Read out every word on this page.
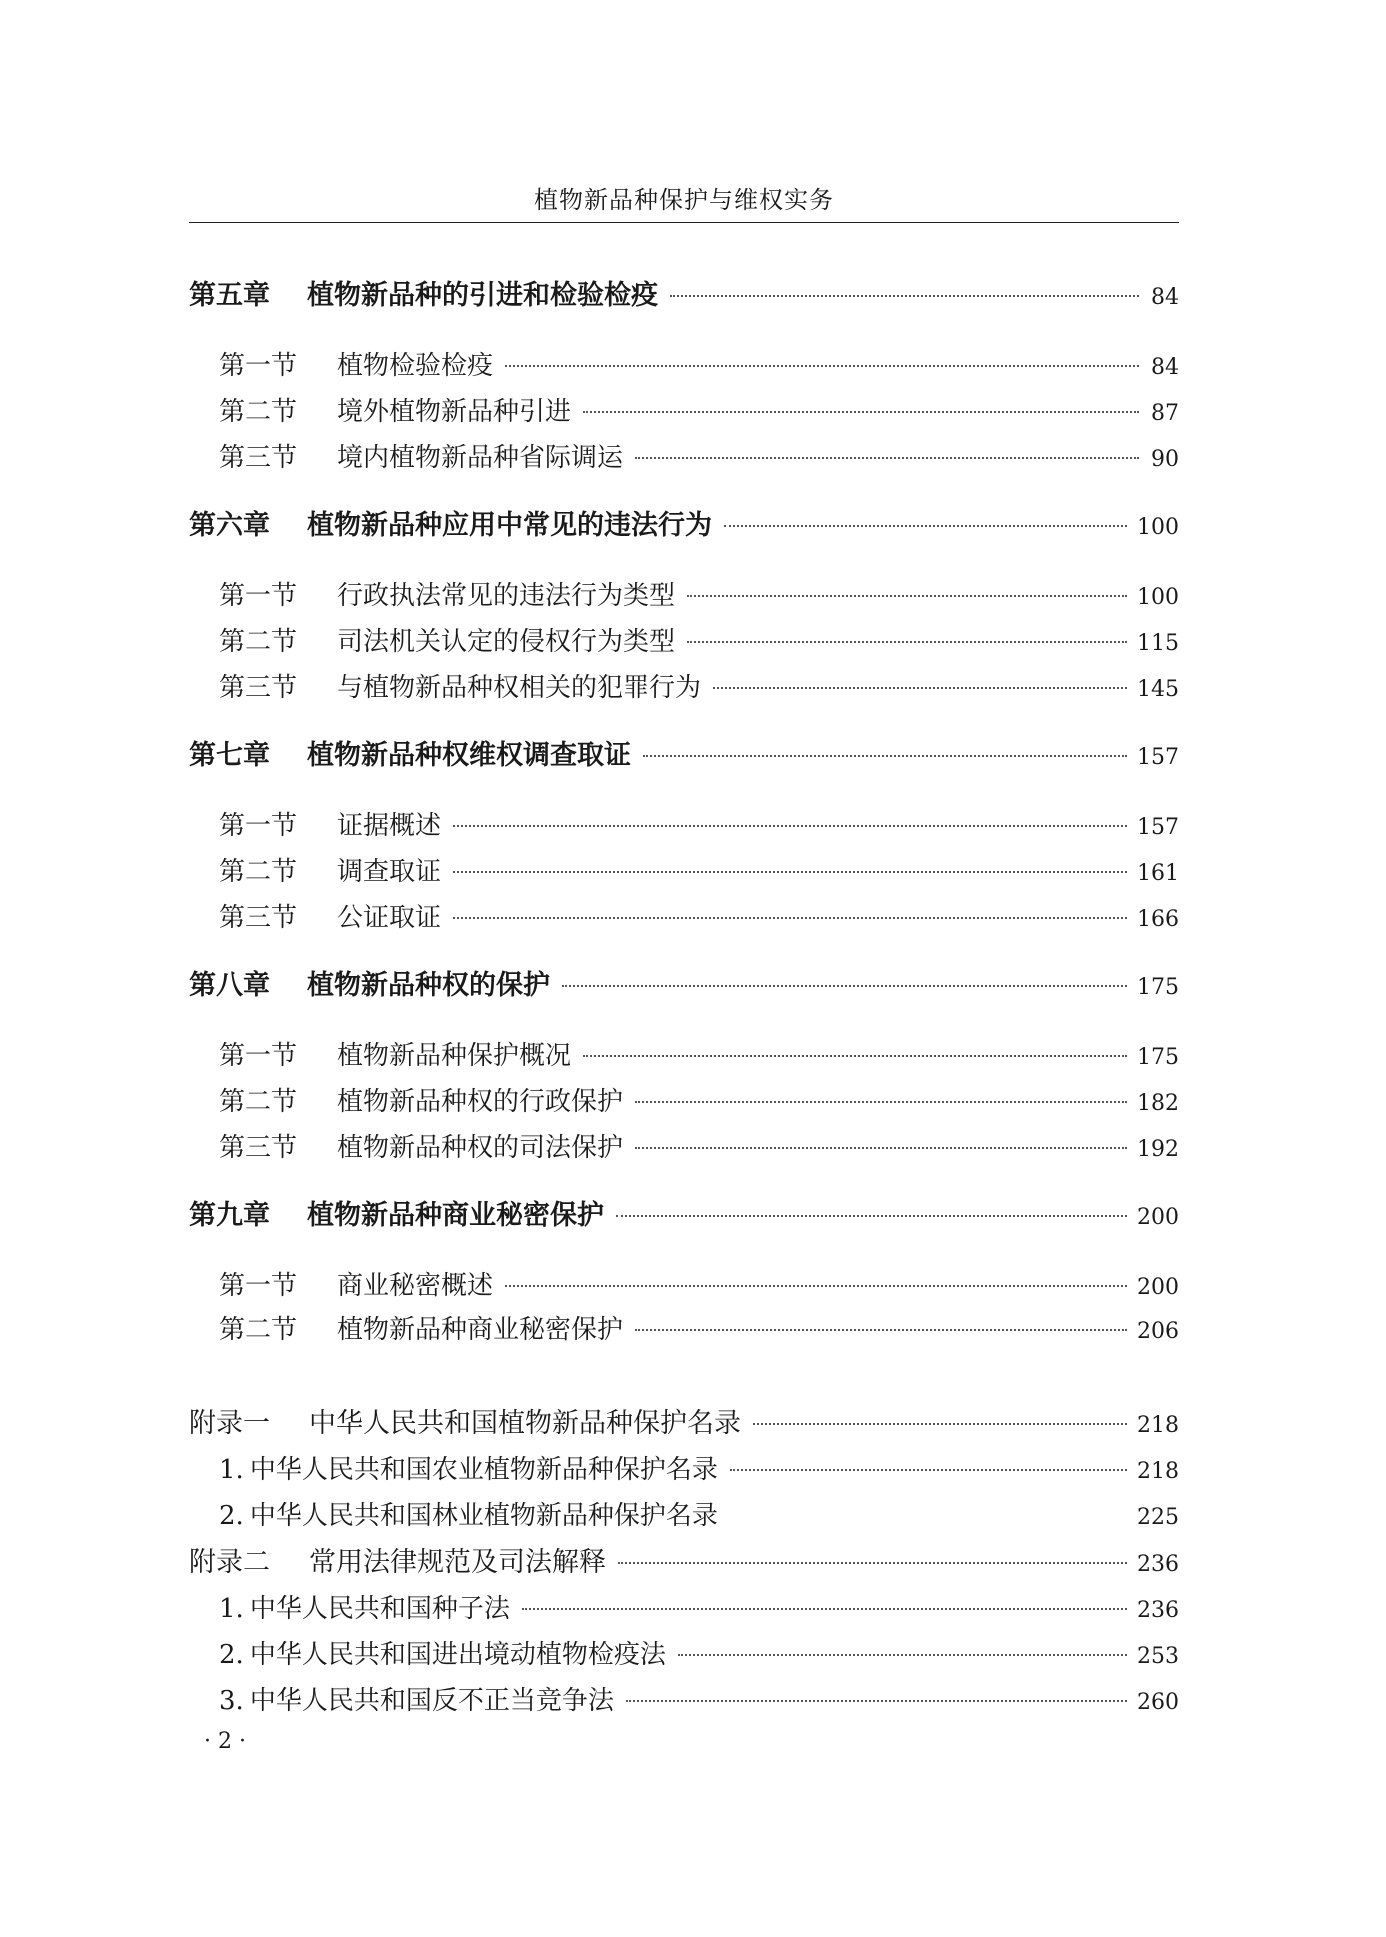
植物新品种保护与维权实务
第五章	植物新品种的引进和检验检疫	84
第一节	植物检验检疫	84
第二节	境外植物新品种引进	87
第三节	境内植物新品种省际调运	90
第六章	植物新品种应用中常见的违法行为	100
第一节	行政执法常见的违法行为类型	100
第二节	司法机关认定的侵权行为类型	115
第三节	与植物新品种权相关的犯罪行为	145
第七章	植物新品种权维权调查取证	157
第一节	证据概述	157
第二节	调查取证	161
第三节	公证取证	166
第八章	植物新品种权的保护	175
第一节	植物新品种保护概况	175
第二节	植物新品种权的行政保护	182
第三节	植物新品种权的司法保护	192
第九章	植物新品种商业秘密保护	200
第一节	商业秘密概述	200
第二节	植物新品种商业秘密保护	206
附录一	中华人民共和国植物新品种保护名录	218
1. 中华人民共和国农业植物新品种保护名录	218
2. 中华人民共和国林业植物新品种保护名录	225
附录二	常用法律规范及司法解释	236
1. 中华人民共和国种子法	236
2. 中华人民共和国进出境动植物检疫法	253
3. 中华人民共和国反不正当竞争法	260
· 2 ·
